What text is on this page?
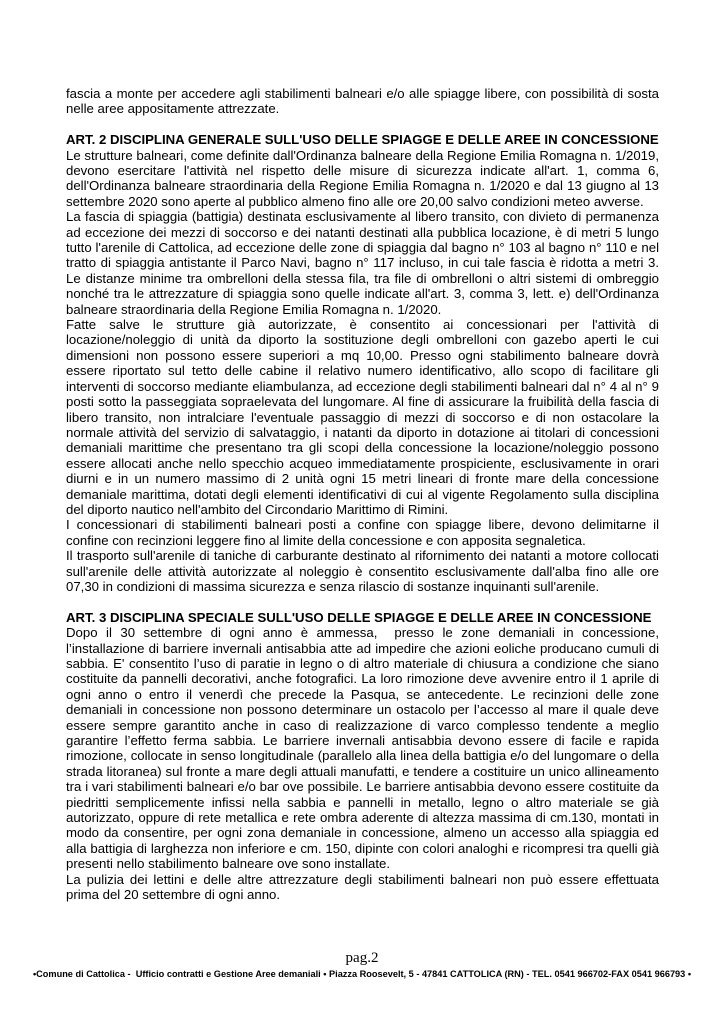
fascia a monte per accedere agli stabilimenti balneari e/o alle spiagge libere, con possibilità di sosta nelle aree appositamente attrezzate.
ART. 2 DISCIPLINA GENERALE SULL'USO DELLE SPIAGGE E DELLE AREE IN CONCESSIONE
Le strutture balneari, come definite dall'Ordinanza balneare della Regione Emilia Romagna n. 1/2019, devono esercitare l'attività nel rispetto delle misure di sicurezza indicate all'art. 1, comma 6, dell'Ordinanza balneare straordinaria della Regione Emilia Romagna n. 1/2020 e dal 13 giugno al 13 settembre 2020 sono aperte al pubblico almeno fino alle ore 20,00 salvo condizioni meteo avverse.
La fascia di spiaggia (battigia) destinata esclusivamente al libero transito, con divieto di permanenza ad eccezione dei mezzi di soccorso e dei natanti destinati alla pubblica locazione, è di metri 5 lungo tutto l'arenile di Cattolica, ad eccezione delle zone di spiaggia dal bagno n° 103 al bagno n° 110 e nel tratto di spiaggia antistante il Parco Navi, bagno n° 117 incluso, in cui tale fascia è ridotta a metri 3. Le distanze minime tra ombrelloni della stessa fila, tra file di ombrelloni o altri sistemi di ombreggio nonché tra le attrezzature di spiaggia sono quelle indicate all'art. 3, comma 3, lett. e) dell'Ordinanza balneare straordinaria della Regione Emilia Romagna n. 1/2020.
Fatte salve le strutture già autorizzate, è consentito ai concessionari per l'attività di locazione/noleggio di unità da diporto la sostituzione degli ombrelloni con gazebo aperti le cui dimensioni non possono essere superiori a mq 10,00. Presso ogni stabilimento balneare dovrà essere riportato sul tetto delle cabine il relativo numero identificativo, allo scopo di facilitare gli interventi di soccorso mediante eliambulanza, ad eccezione degli stabilimenti balneari dal n° 4 al n° 9 posti sotto la passeggiata sopraelevata del lungomare. Al fine di assicurare la fruibilità della fascia di libero transito, non intralciare l'eventuale passaggio di mezzi di soccorso e di non ostacolare la normale attività del servizio di salvataggio, i natanti da diporto in dotazione ai titolari di concessioni demaniali marittime che presentano tra gli scopi della concessione la locazione/noleggio possono essere allocati anche nello specchio acqueo immediatamente prospiciente, esclusivamente in orari diurni e in un numero massimo di 2 unità ogni 15 metri lineari di fronte mare della concessione demaniale marittima, dotati degli elementi identificativi di cui al vigente Regolamento sulla disciplina del diporto nautico nell'ambito del Circondario Marittimo di Rimini.
I concessionari di stabilimenti balneari posti a confine con spiagge libere, devono delimitarne il confine con recinzioni leggere fino al limite della concessione e con apposita segnaletica.
Il trasporto sull'arenile di taniche di carburante destinato al rifornimento dei natanti a motore collocati sull'arenile delle attività autorizzate al noleggio è consentito esclusivamente dall'alba fino alle ore 07,30 in condizioni di massima sicurezza e senza rilascio di sostanze inquinanti sull'arenile.
ART. 3 DISCIPLINA SPECIALE SULL'USO DELLE SPIAGGE E DELLE AREE IN CONCESSIONE
Dopo il 30 settembre di ogni anno è ammessa,  presso le zone demaniali in concessione, l’installazione di barriere invernali antisabbia atte ad impedire che azioni eoliche producano cumuli di sabbia. E' consentito l’uso di paratie in legno o di altro materiale di chiusura a condizione che siano costituite da pannelli decorativi, anche fotografici. La loro rimozione deve avvenire entro il 1 aprile di ogni anno o entro il venerdì che precede la Pasqua, se antecedente. Le recinzioni delle zone demaniali in concessione non possono determinare un ostacolo per l’accesso al mare il quale deve essere sempre garantito anche in caso di realizzazione di varco complesso tendente a meglio garantire l’effetto ferma sabbia. Le barriere invernali antisabbia devono essere di facile e rapida rimozione, collocate in senso longitudinale (parallelo alla linea della battigia e/o del lungomare o della strada litoranea) sul fronte a mare degli attuali manufatti, e tendere a costituire un unico allineamento tra i vari stabilimenti balneari e/o bar ove possibile. Le barriere antisabbia devono essere costituite da piedritti semplicemente infissi nella sabbia e pannelli in metallo, legno o altro materiale se già autorizzato, oppure di rete metallica e rete ombra aderente di altezza massima di cm.130, montati in modo da consentire, per ogni zona demaniale in concessione, almeno un accesso alla spiaggia ed alla battigia di larghezza non inferiore e cm. 150, dipinte con colori analoghi e ricompresi tra quelli già presenti nello stabilimento balneare ove sono installate.
La pulizia dei lettini e delle altre attrezzature degli stabilimenti balneari non può essere effettuata prima del 20 settembre di ogni anno.
pag.2
•Comune di Cattolica -  Ufficio contratti e Gestione Aree demaniali • Piazza Roosevelt, 5 - 47841 CATTOLICA (RN) - TEL. 0541 966702-FAX 0541 966793 •
